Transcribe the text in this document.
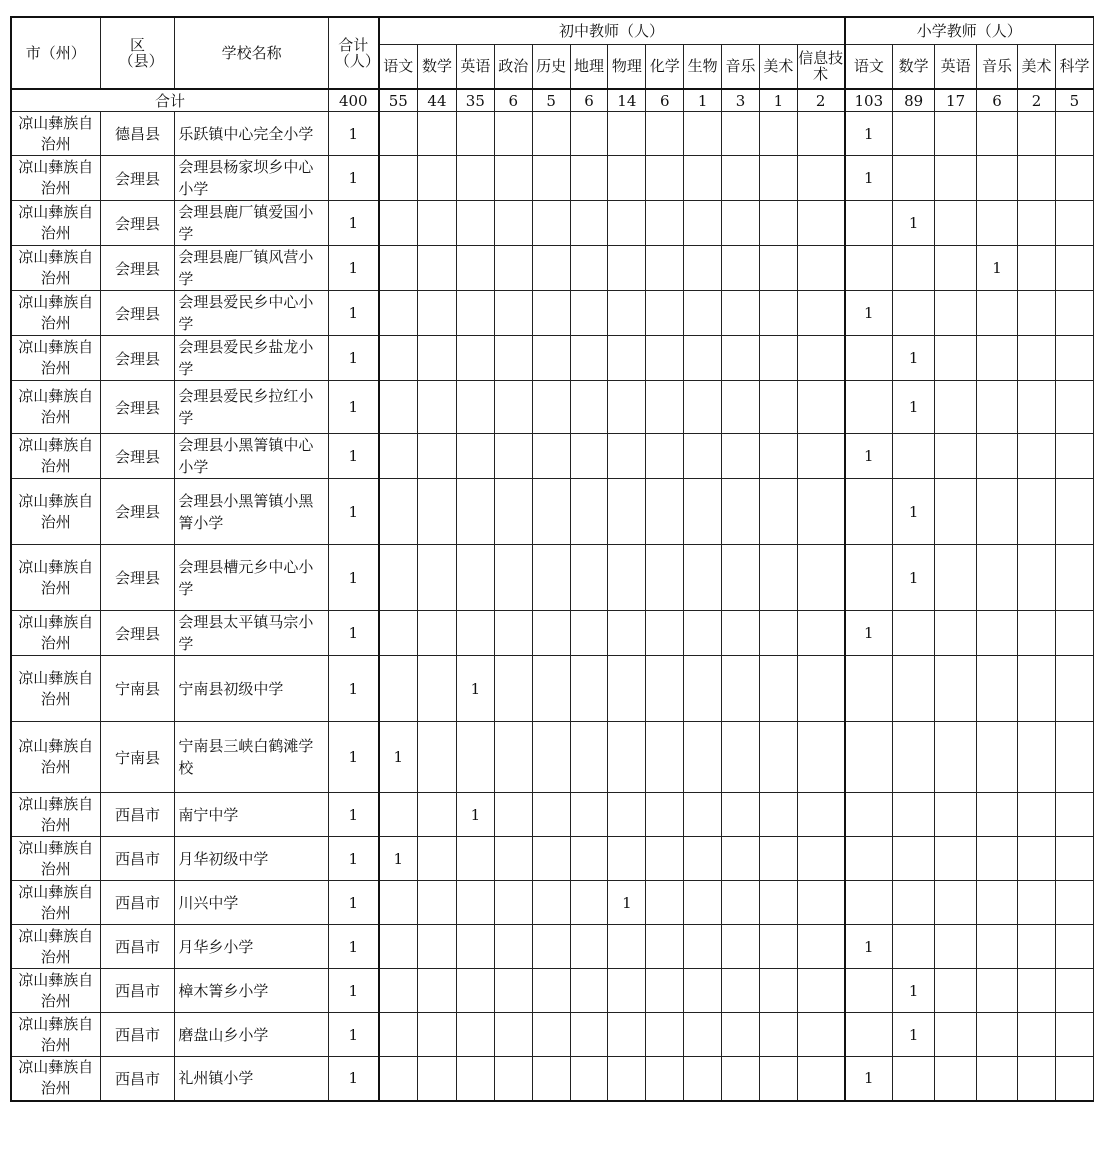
市（州）	区（县）	学校名称	合计（人）	初中教师（人）												小学教师（人）					
				语文	数学	英语	政治	历史	地理	物理	化学	生物	音乐	美术	信息技术	语文	数学	英语	音乐	美术	科学
合计			400	55	44	35	6	5	6	14	6	1	3	1	2	103	89	17	6	2	5
凉山彝族自治州	德昌县	乐跃镇中心完全小学	1													1					
凉山彝族自治州	会理县	会理县杨家坝乡中心小学	1													1					
凉山彝族自治州	会理县	会理县鹿厂镇爱国小学	1														1				
凉山彝族自治州	会理县	会理县鹿厂镇风营小学	1																1		
凉山彝族自治州	会理县	会理县爱民乡中心小学	1													1					
凉山彝族自治州	会理县	会理县爱民乡盐龙小学	1														1				
凉山彝族自治州	会理县	会理县爱民乡拉红小学	1														1				
凉山彝族自治州	会理县	会理县小黑箐镇中心小学	1													1					
凉山彝族自治州	会理县	会理县小黑箐镇小黑箐小学	1														1				
凉山彝族自治州	会理县	会理县槽元乡中心小学	1														1				
凉山彝族自治州	会理县	会理县太平镇马宗小学	1													1					
凉山彝族自治州	宁南县	宁南县初级中学	1			1															
凉山彝族自治州	宁南县	宁南县三峡白鹤滩学校	1	1																	
凉山彝族自治州	西昌市	南宁中学	1			1															
凉山彝族自治州	西昌市	月华初级中学	1	1																	
凉山彝族自治州	西昌市	川兴中学	1							1											
凉山彝族自治州	西昌市	月华乡小学	1													1					
凉山彝族自治州	西昌市	樟木箐乡小学	1														1				
凉山彝族自治州	西昌市	磨盘山乡小学	1														1				
凉山彝族自治州	西昌市	礼州镇小学	1													1					
